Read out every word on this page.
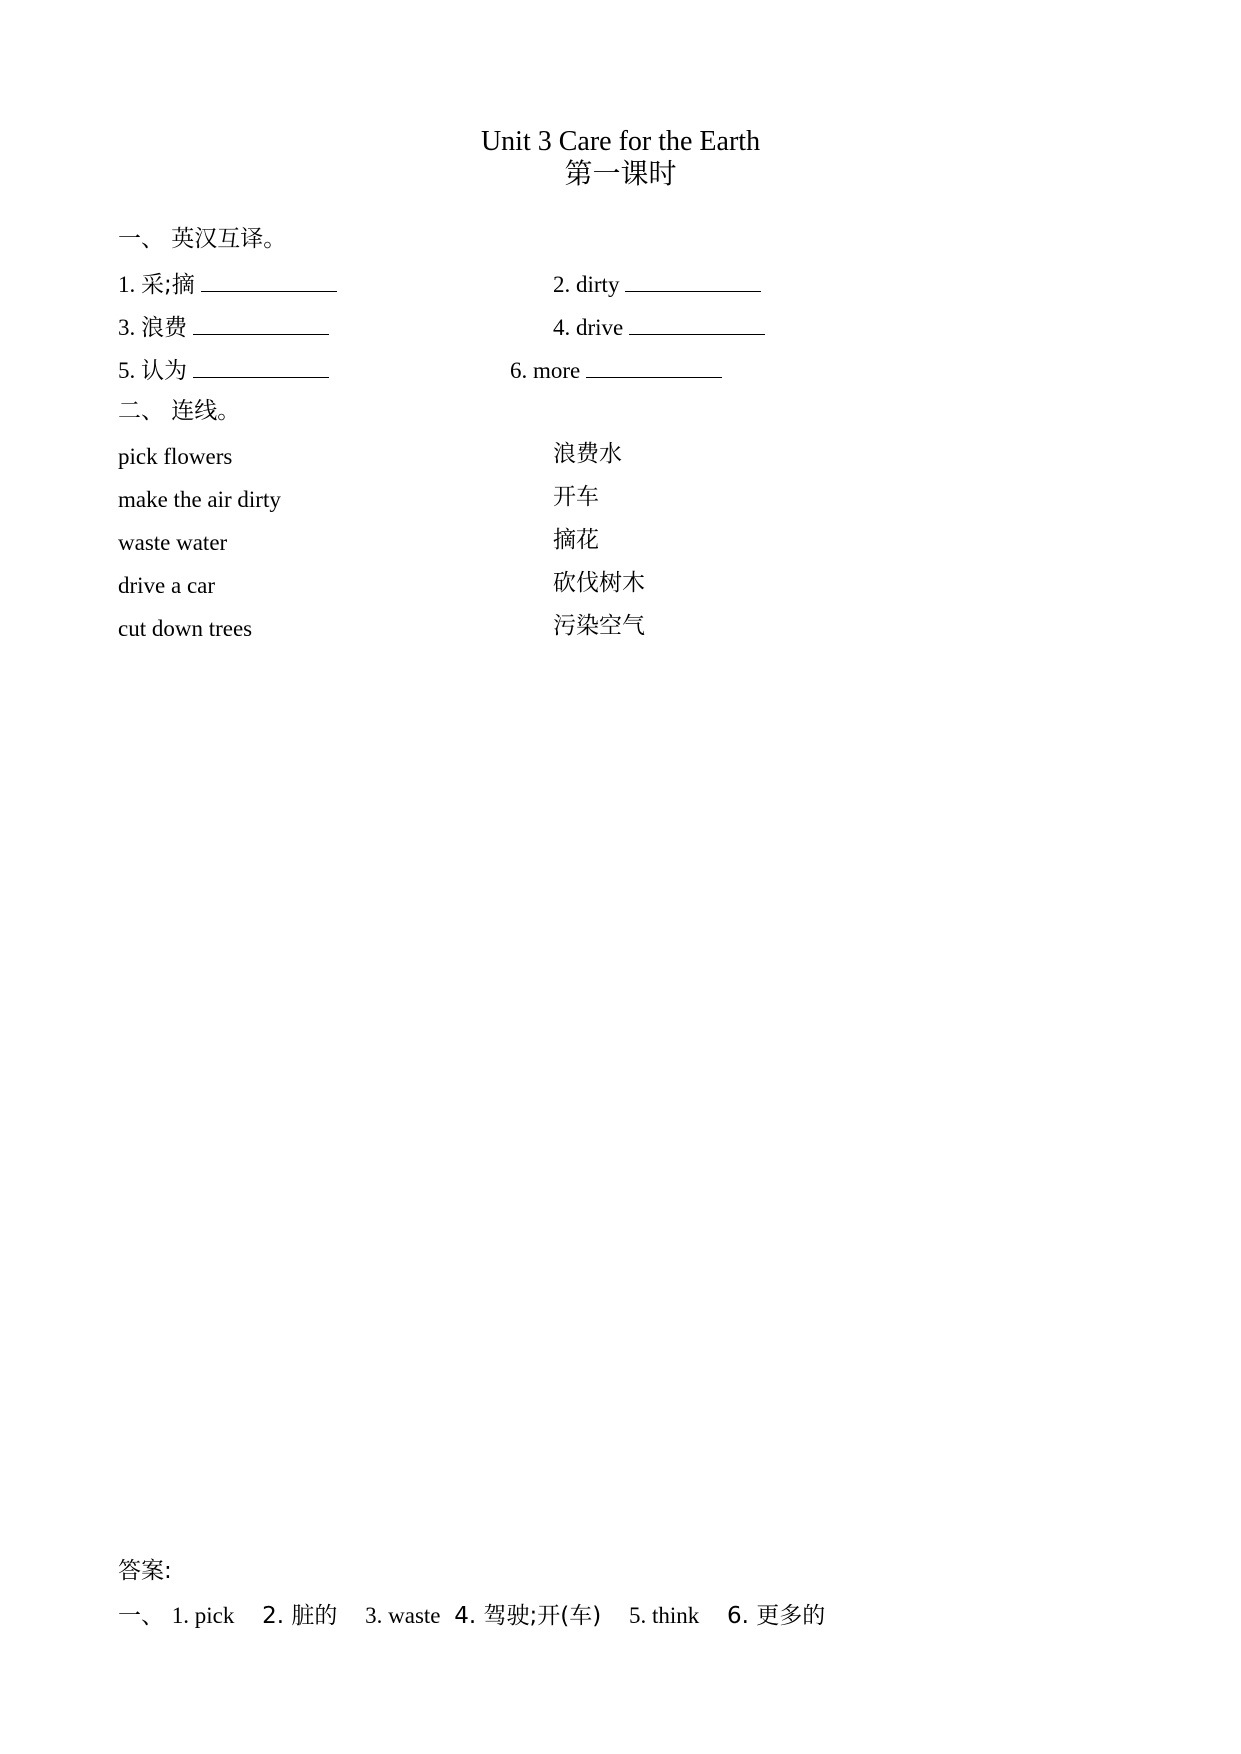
Unit 3 Care for the Earth
第一课时
一、 英汉互译。
1. 采;摘	2. dirty
3. 浪费	4. drive
5. 认为	6. more
二、 连线。
pick flowers	浪费水
make the air dirty	开车
waste water	摘花
drive a car	砍伐树木
cut down trees	污染空气
答案:
一、 1. pick 2. 脏的 3. waste 4. 驾驶;开(车) 5. think 6. 更多的
